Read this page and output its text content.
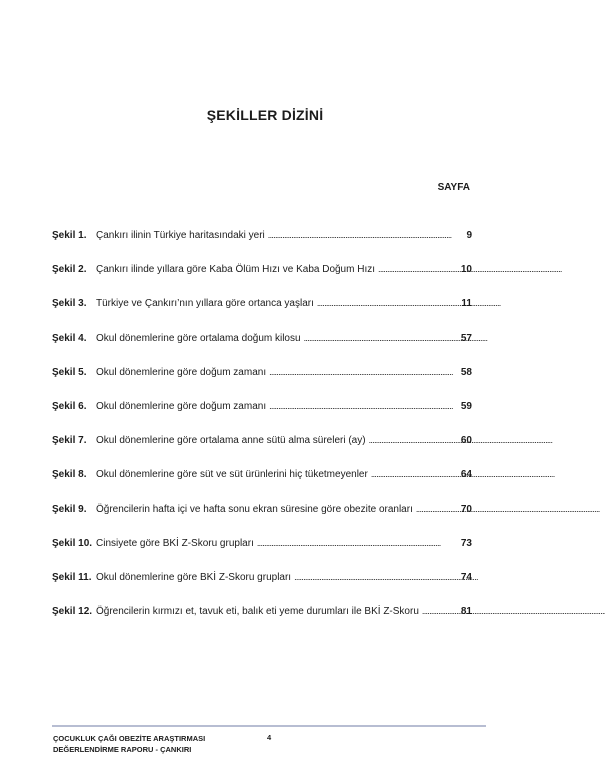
ŞEKİLLER DİZİNİ
SAYFA
Şekil 1. Çankırı ilinin Türkiye haritasındaki yeri . . .	9
Şekil 2. Çankırı ilinde yıllara göre Kaba Ölüm Hızı ve Kaba Doğum Hızı . . .	10
Şekil 3. Türkiye ve Çankırı’nın yıllara göre ortanca yaşları . . .	11
Şekil 4. Okul dönemlerine göre ortalama doğum kilosu . . .	57
Şekil 5. Okul dönemlerine göre doğum zamanı . . .	58
Şekil 6. Okul dönemlerine göre doğum zamanı . . .	59
Şekil 7. Okul dönemlerine göre ortalama anne sütü alma süreleri (ay) . . .	60
Şekil 8. Okul dönemlerine göre süt ve süt ürünlerini hiç tüketmeyenler . . .	64
Şekil 9. Öğrencilerin hafta içi ve hafta sonu ekran süresine göre obezite oranları . . .	70
Şekil 10. Cinsiyete göre BKİ Z-Skoru grupları . . .	73
Şekil 11. Okul dönemlerine göre BKİ Z-Skoru grupları . . .	74
Şekil 12. Öğrencilerin kırmızı et, tavuk eti, balık eti yeme durumları ile BKİ Z-Skoru . . .	81
ÇOCUKLUK ÇAĞI OBEZİTE ARAŞTIRMASI
DEĞERLENDİRME RAPORU - ÇANKIRI
4
